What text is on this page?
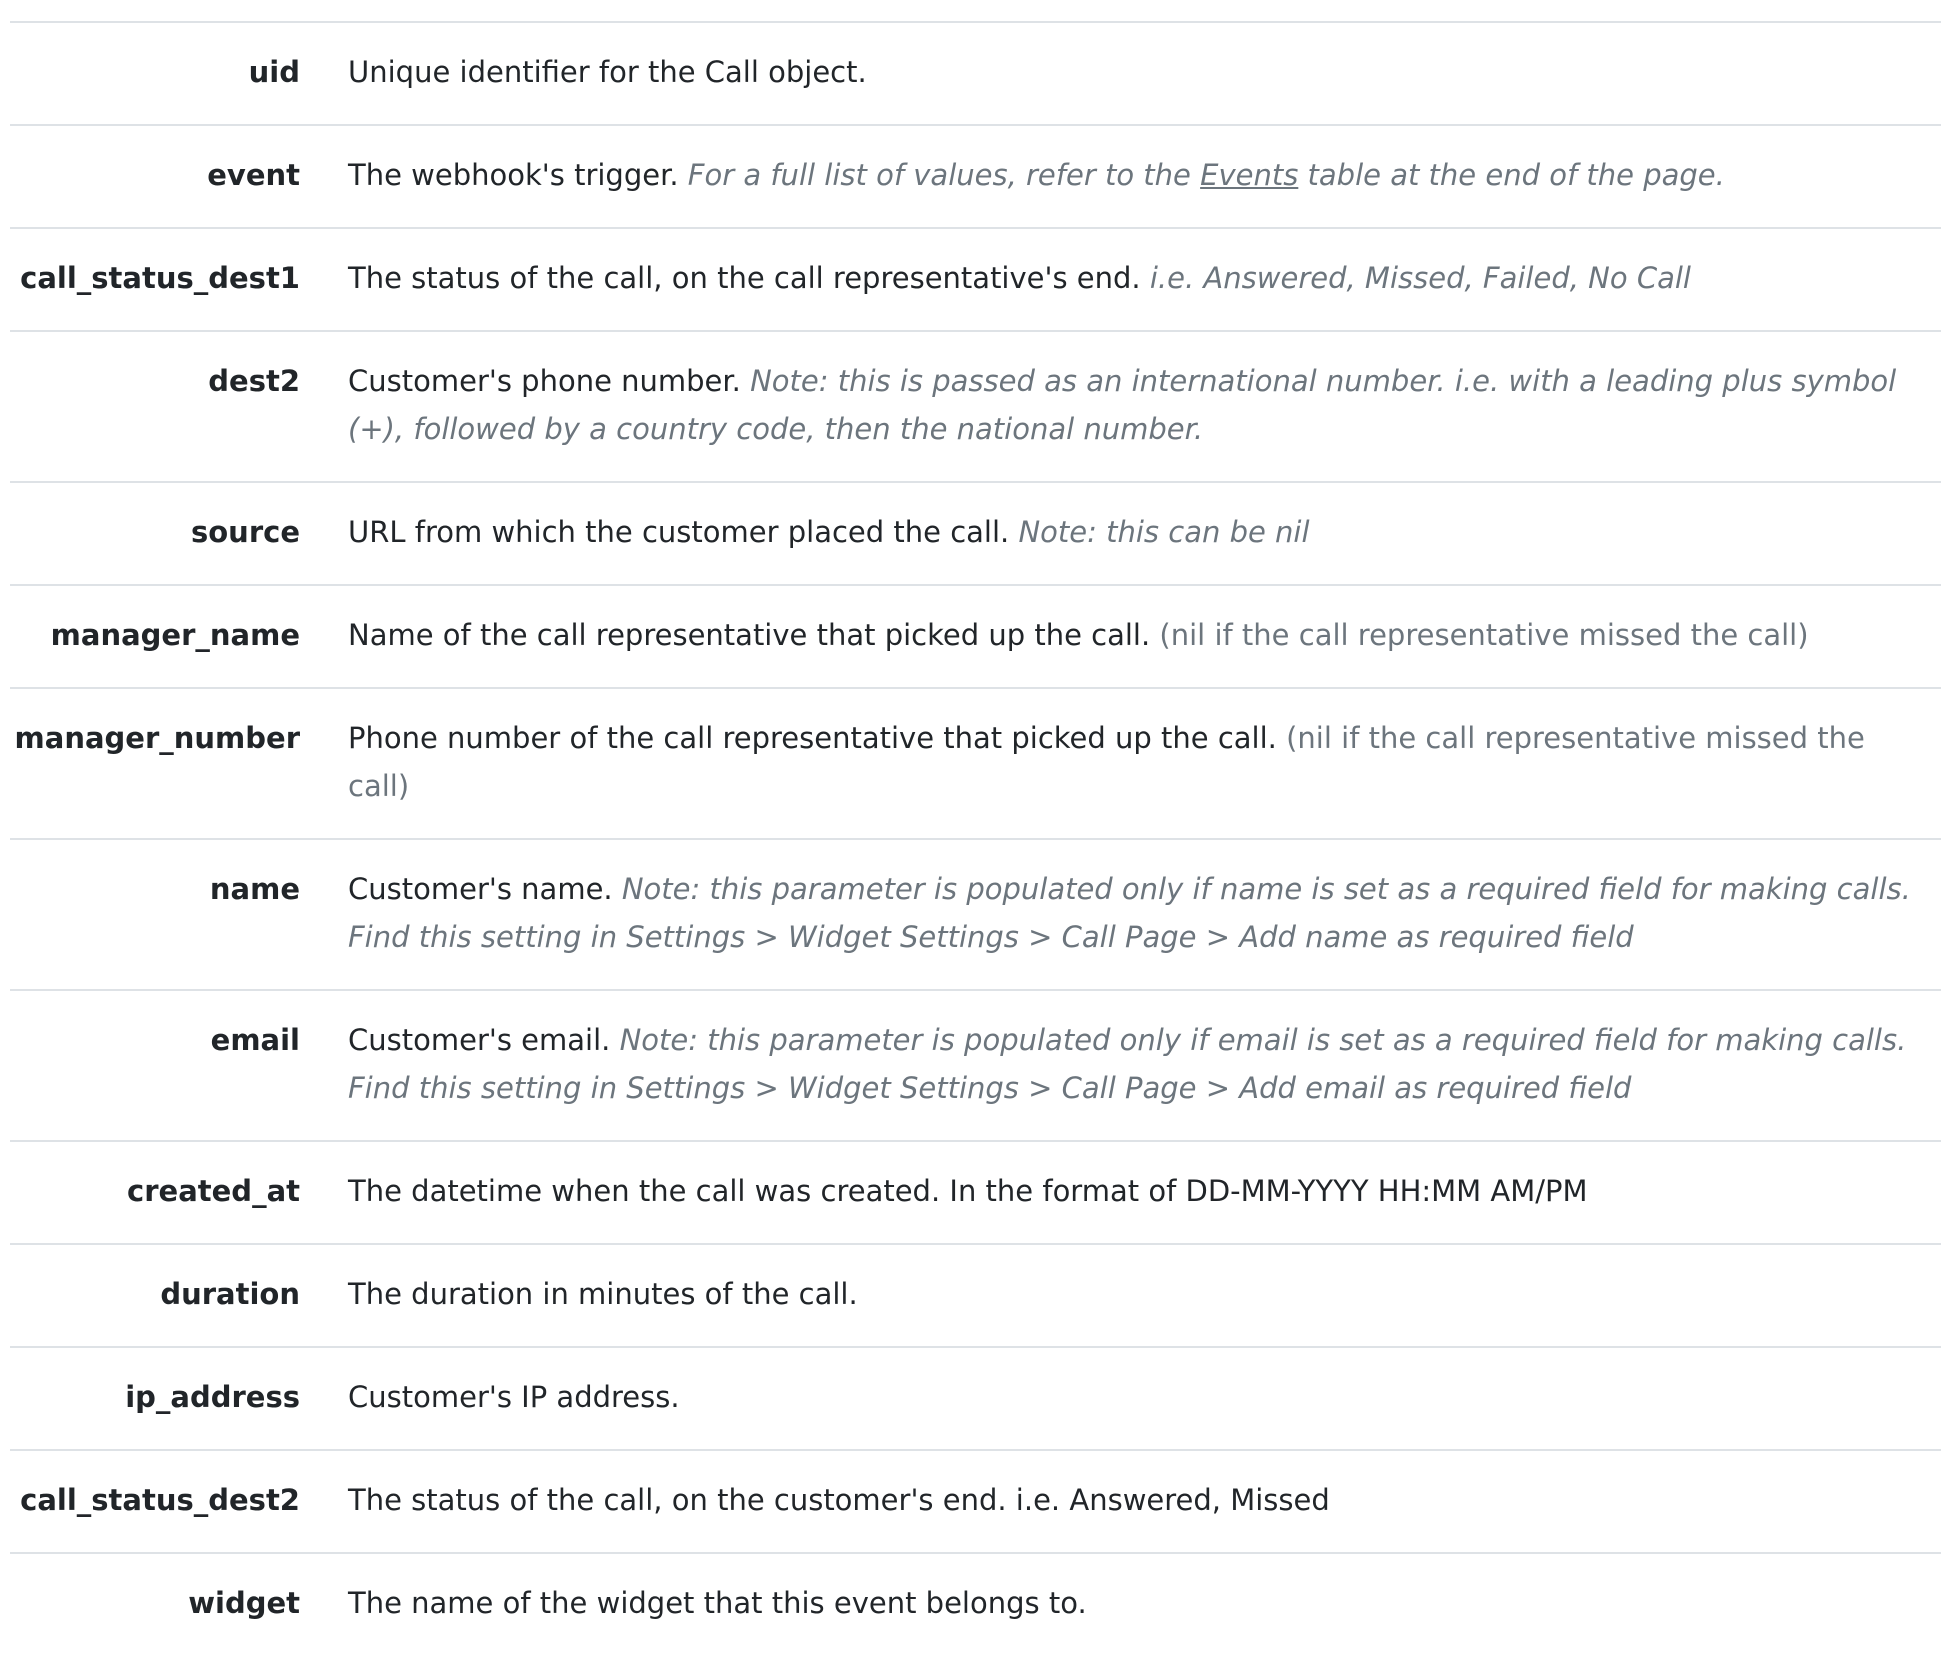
uid Unique identifier for the Call object.
event The webhook's trigger. For a full list of values, refer to the Events table at the end of the page.
call_status_dest1 The status of the call, on the call representative's end. i.e. Answered, Missed, Failed, No Call
dest2 Customer's phone number. Note: this is passed as an international number. i.e. with a leading plus symbol (+), followed by a country code, then the national number.
source URL from which the customer placed the call. Note: this can be nil
manager_name Name of the call representative that picked up the call. (nil if the call representative missed the call)
manager_number Phone number of the call representative that picked up the call. (nil if the call representative missed the call)
name Customer's name. Note: this parameter is populated only if name is set as a required field for making calls. Find this setting in Settings > Widget Settings > Call Page > Add name as required field
email Customer's email. Note: this parameter is populated only if email is set as a required field for making calls. Find this setting in Settings > Widget Settings > Call Page > Add email as required field
created_at The datetime when the call was created. In the format of DD-MM-YYYY HH:MM AM/PM
duration The duration in minutes of the call.
ip_address Customer's IP address.
call_status_dest2 The status of the call, on the customer's end. i.e. Answered, Missed
widget The name of the widget that this event belongs to.
